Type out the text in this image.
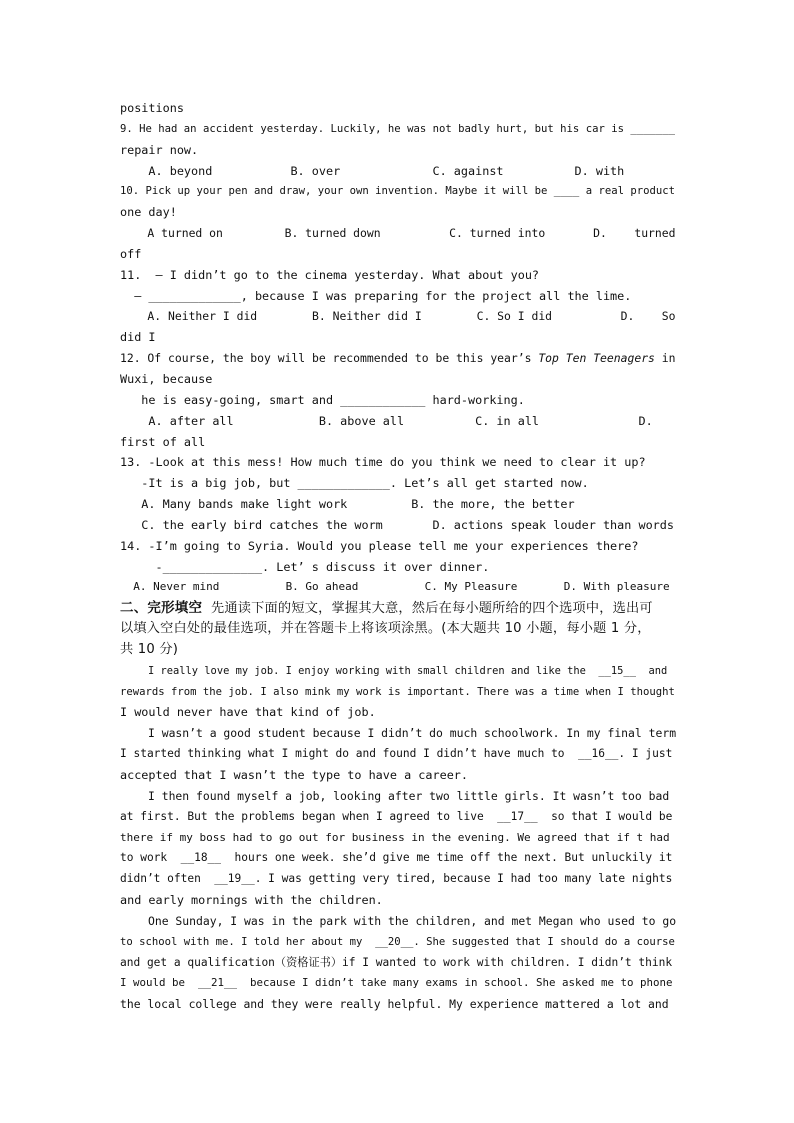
positions
9. He had an accident yesterday. Luckily, he was not badly hurt, but his car is _______
repair now.
A. beyond           B. over             C. against          D. with
10. Pick up your pen and draw, your own invention. Maybe it will be ____ a real product
one day!
A turned on         B. turned down          C. turned into       D.    turned
off
11.  – I didn’t go to the cinema yesterday. What about you?
– _____________, because I was preparing for the project all the lime.
A. Neither I did        B. Neither did I        C. So I did          D.    So
did I
12. Of course, the boy will be recommended to be this year’s Top Ten Teenagers in
Wuxi, because
he is easy-going, smart and ____________ hard-working.
A. after all            B. above all          C. in all              D.
first of all
13. -Look at this mess! How much time do you think we need to clear it up?
-It is a big job, but _____________. Let’s all get started now.
A. Many bands make light work         B. the more, the better
C. the early bird catches the worm       D. actions speak louder than words
14. -I’m going to Syria. Would you please tell me your experiences there?
-______________. Let’ s discuss it over dinner.
A. Never mind          B. Go ahead          C. My Pleasure       D. With pleasure
二、完形填空 先通读下面的短文，掌握其大意，然后在每小题所给的四个选项中，选出可
以填入空白处的最佳选项，并在答题卡上将该项涂黑。(本大题共 10 小题，每小题 1 分，
共 10 分)
I really love my job. I enjoy working with small children and like the  __15__  and
rewards from the job. I also mink my work is important. There was a time when I thought
I would never have that kind of job.
I wasn’t a good student because I didn’t do much schoolwork. In my final term
I started thinking what I might do and found I didn’t have much to  __16__. I just
accepted that I wasn’t the type to have a career.
I then found myself a job, looking after two little girls. It wasn’t too bad
at first. But the problems began when I agreed to live  __17__  so that I would be
there if my boss had to go out for business in the evening. We agreed that if t had
to work  __18__  hours one week. she’d give me time off the next. But unluckily it
didn’t often  __19__. I was getting very tired, because I had too many late nights
and early mornings with the children.
One Sunday, I was in the park with the children, and met Megan who used to go
to school with me. I told her about my  __20__. She suggested that I should do a course
and get a qualification（资格证书）if I wanted to work with children. I didn’t think
I would be  __21__  because I didn’t take many exams in school. She asked me to phone
the local college and they were really helpful. My experience mattered a lot and
